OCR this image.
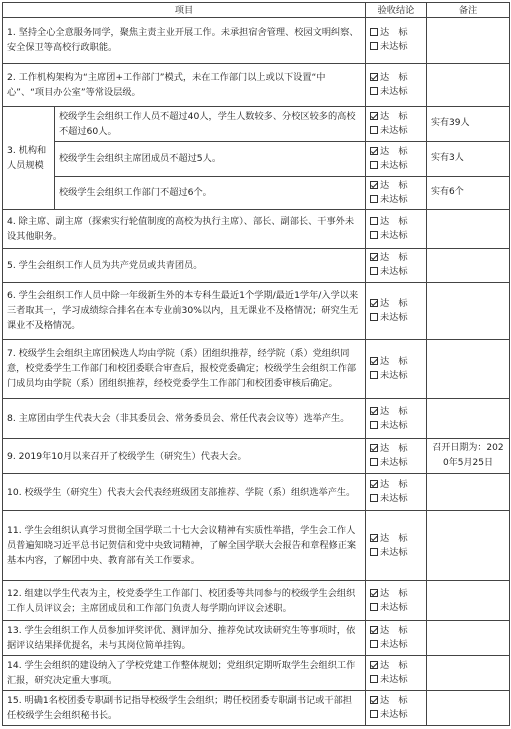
项目		验收结论	备注
1. 坚持全心全意服务同学，聚焦主责主业开展工作。未承担宿舍管理、校园文明纠察、安全保卫等高校行政职能。		达　标
未达标	

2. 工作机构架构为“主席团+工作部门”模式，未在工作部门以上或以下设置“中心”、“项目办公室”等常设层级。		达　标
未达标	

3. 机构和人员规模	校级学生会组织工作人员不超过40人，学生人数较多、分校区较多的高校不超过60人。	达　标
未达标	实有39人
	校级学生会组织主席团成员不超过5人。	达　标
未达标	实有3人
	校级学生会组织工作部门不超过6个。	达　标
未达标	实有6个
4. 除主席、副主席（探索实行轮值制度的高校为执行主席）、部长、副部长、干事外未设其他职务。		达　标
未达标	

5. 学生会组织工作人员为共产党员或共青团员。		达　标
未达标	

6. 学生会组织工作人员中除一年级新生外的本专科生最近1个学期/最近1学年/入学以来三者取其一，学习成绩综合排名在本专业前30%以内，且无课业不及格情况；研究生无课业不及格情况。		达　标
未达标	

7. 校级学生会组织主席团候选人均由学院（系）团组织推荐，经学院（系）党组织同意，校党委学生工作部门和校团委联合审查后，报校党委确定；校级学生会组织工作部门成员均由学院（系）团组织推荐，经校党委学生工作部门和校团委审核后确定。		达　标
未达标	

8. 主席团由学生代表大会（非其委员会、常务委员会、常任代表会议等）选举产生。		达　标
未达标	

9. 2019年10月以来召开了校级学生（研究生）代表大会。		达　标
未达标	召开日期为：2020年5月25日
10. 校级学生（研究生）代表大会代表经班级团支部推荐、学院（系）组织选举产生。		达　标
未达标	

11. 学生会组织认真学习贯彻全国学联二十七大会议精神有实质性举措，学生会工作人员普遍知晓习近平总书记贺信和党中央致词精神，了解全国学联大会报告和章程修正案基本内容，了解团中央、教育部有关工作要求。		达　标
未达标	

12. 组建以学生代表为主，校党委学生工作部门、校团委等共同参与的校级学生会组织工作人员评议会；主席团成员和工作部门负责人每学期向评议会述职。		达　标
未达标	

13. 学生会组织工作人员参加评奖评优、测评加分、推荐免试攻读研究生等事项时，依据评议结果择优提名，未与其岗位简单挂钩。		达　标
未达标	

14. 学生会组织的建设纳入了学校党建工作整体规划；党组织定期听取学生会组织工作汇报，研究决定重大事项。		达　标
未达标	

15. 明确1名校团委专职副书记指导校级学生会组织；聘任校团委专职副书记或干部担任校级学生会组织秘书长。		达　标
未达标	
